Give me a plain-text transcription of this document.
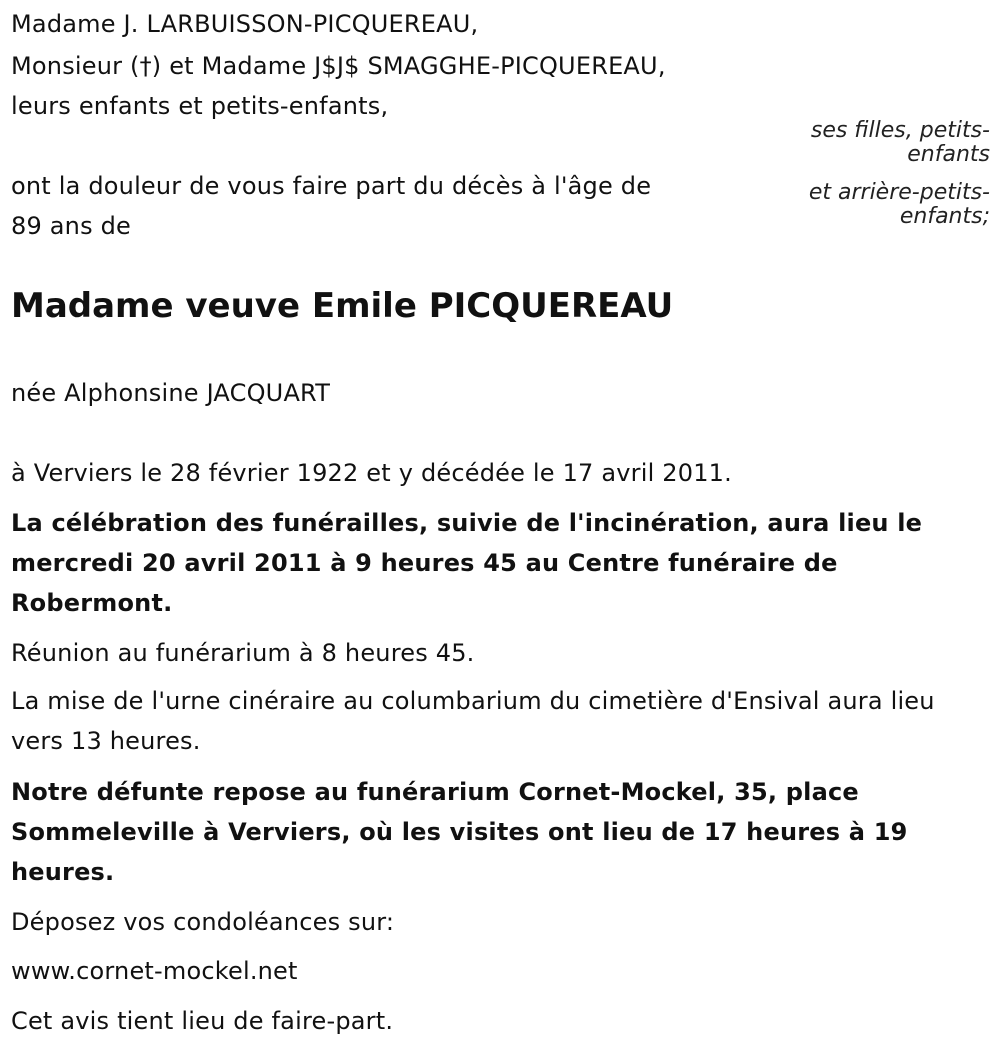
Madame J. LARBUISSON-PICQUEREAU,
Monsieur (†) et Madame J$J$ SMAGGHE-PICQUEREAU,
leurs enfants et petits-enfants,
ses filles, petits-enfants
et arrière-petits-enfants;
ont la douleur de vous faire part du décès à l'âge de
89 ans de
Madame veuve Emile PICQUEREAU
née Alphonsine JACQUART
à Verviers le 28 février 1922 et y décédée le 17 avril 2011.
La célébration des funérailles, suivie de l'incinération, aura lieu le mercredi 20 avril 2011 à 9 heures 45 au Centre funéraire de Robermont.
Réunion au funérarium à 8 heures 45.
La mise de l'urne cinéraire au columbarium du cimetière d'Ensival aura lieu vers 13 heures.
Notre défunte repose au funérarium Cornet-Mockel, 35, place Sommeleville à Verviers, où les visites ont lieu de 17 heures à 19 heures.
Déposez vos condoléances sur:
www.cornet-mockel.net
Cet avis tient lieu de faire-part.
